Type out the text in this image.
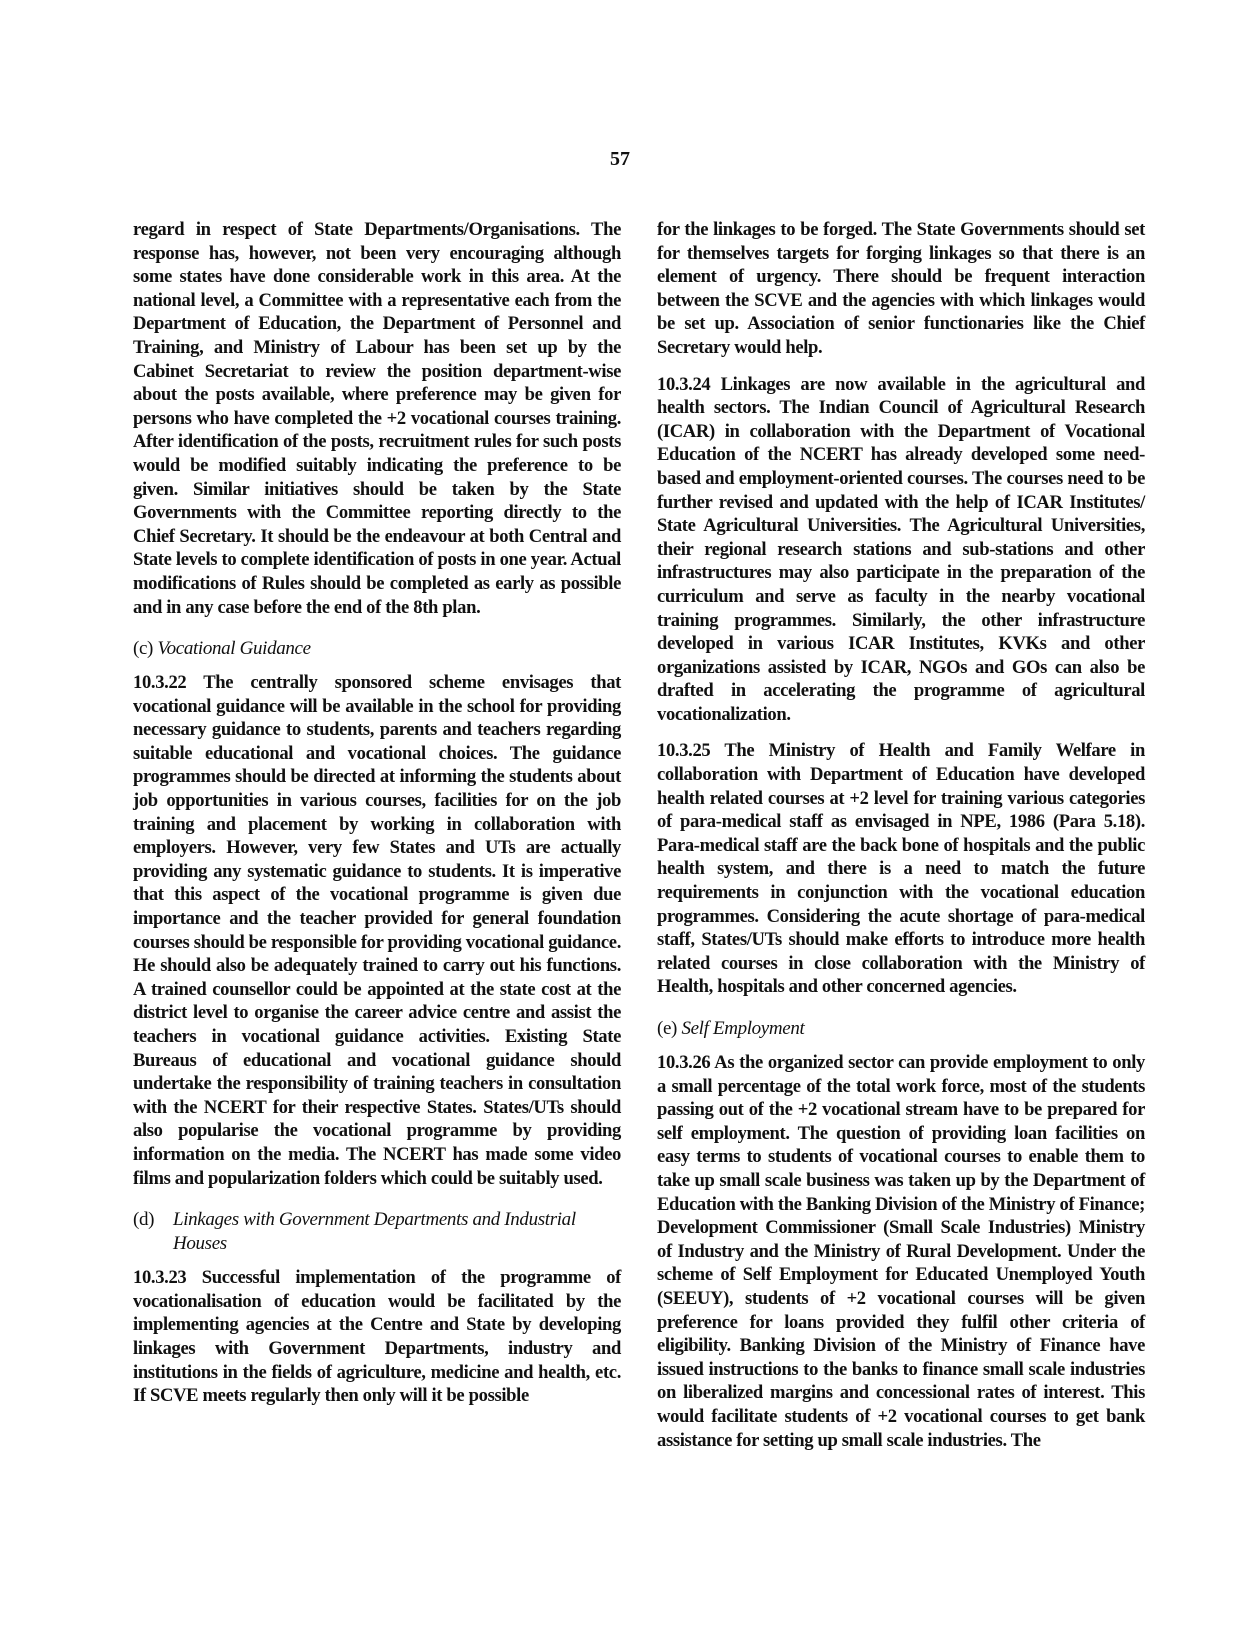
57

regard in respect of State Departments/Organisations. The response has, however, not been very encouraging although some states have done considerable work in this area. At the national level, a Committee with a representative each from the Department of Education, the Department of Personnel and Training, and Ministry of Labour has been set up by the Cabinet Secretariat to review the position department-wise about the posts available, where preference may be given for persons who have completed the +2 vocational courses training. After identification of the posts, recruitment rules for such posts would be modified suitably indicating the preference to be given. Similar initiatives should be taken by the State Governments with the Committee reporting directly to the Chief Secretary. It should be the endeavour at both Central and State levels to complete identification of posts in one year. Actual modifications of Rules should be completed as early as possible and in any case before the end of the 8th plan.

(c) Vocational Guidance

10.3.22 The centrally sponsored scheme envisages that vocational guidance will be available in the school for providing necessary guidance to students, parents and teachers regarding suitable educational and vocational choices. The guidance programmes should be directed at informing the students about job opportunities in various courses, facilities for on the job training and placement by working in collaboration with employers. However, very few States and UTs are actually providing any systematic guidance to students. It is imperative that this aspect of the vocational programme is given due importance and the teacher provided for general foundation courses should be responsible for providing vocational guidance. He should also be adequately trained to carry out his functions. A trained counsellor could be appointed at the state cost at the district level to organise the career advice centre and assist the teachers in vocational guidance activities. Existing State Bureaus of educational and vocational guidance should undertake the responsibility of training teachers in consultation with the NCERT for their respective States. States/UTs should also popularise the vocational programme by providing information on the media. The NCERT has made some video films and popularization folders which could be suitably used.

(d) Linkages with Government Departments and Industrial Houses

10.3.23 Successful implementation of the programme of vocationalisation of education would be facilitated by the implementing agencies at the Centre and State by developing linkages with Government Departments, industry and institutions in the fields of agriculture, medicine and health, etc. If SCVE meets regularly then only will it be possible

for the linkages to be forged. The State Governments should set for themselves targets for forging linkages so that there is an element of urgency. There should be frequent interaction between the SCVE and the agencies with which linkages would be set up. Association of senior functionaries like the Chief Secretary would help.

10.3.24 Linkages are now available in the agricultural and health sectors. The Indian Council of Agricultural Research (ICAR) in collaboration with the Department of Vocational Education of the NCERT has already developed some need-based and employment-oriented courses. The courses need to be further revised and updated with the help of ICAR Institutes/ State Agricultural Universities. The Agricultural Universities, their regional research stations and sub-stations and other infrastructures may also participate in the preparation of the curriculum and serve as faculty in the nearby vocational training programmes. Similarly, the other infrastructure developed in various ICAR Institutes, KVKs and other organizations assisted by ICAR, NGOs and GOs can also be drafted in accelerating the programme of agricultural vocationalization.

10.3.25 The Ministry of Health and Family Welfare in collaboration with Department of Education have developed health related courses at +2 level for training various categories of para-medical staff as envisaged in NPE, 1986 (Para 5.18). Para-medical staff are the back bone of hospitals and the public health system, and there is a need to match the future requirements in conjunction with the vocational education programmes. Considering the acute shortage of para-medical staff, States/UTs should make efforts to introduce more health related courses in close collaboration with the Ministry of Health, hospitals and other concerned agencies.

(e) Self Employment

10.3.26 As the organized sector can provide employment to only a small percentage of the total work force, most of the students passing out of the +2 vocational stream have to be prepared for self employment. The question of providing loan facilities on easy terms to students of vocational courses to enable them to take up small scale business was taken up by the Department of Education with the Banking Division of the Ministry of Finance; Development Commissioner (Small Scale Industries) Ministry of Industry and the Ministry of Rural Development. Under the scheme of Self Employment for Educated Unemployed Youth (SEEUY), students of +2 vocational courses will be given preference for loans provided they fulfil other criteria of eligibility. Banking Division of the Ministry of Finance have issued instructions to the banks to finance small scale industries on liberalized margins and concessional rates of interest. This would facilitate students of +2 vocational courses to get bank assistance for setting up small scale industries. The
